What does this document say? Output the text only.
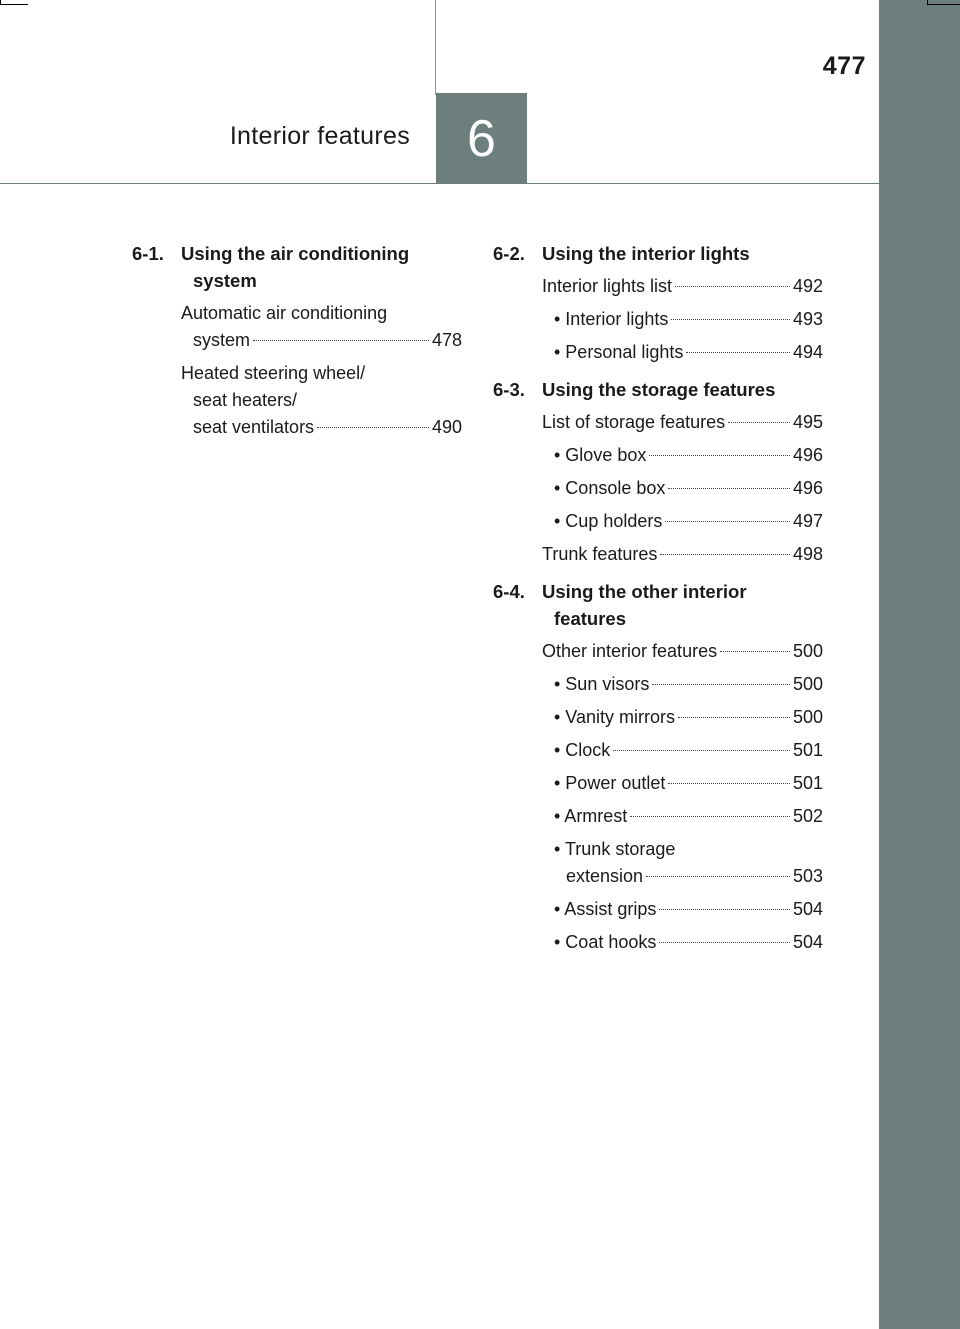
477
Interior features 6
6-1. Using the air conditioning system
Automatic air conditioning
system	478
Heated steering wheel/
seat heaters/
seat ventilators	490
6-2. Using the interior lights
Interior lights list	492
• Interior lights	493
• Personal lights	494
6-3. Using the storage features
List of storage features	495
• Glove box	496
• Console box	496
• Cup holders	497
Trunk features	498
6-4. Using the other interior features
Other interior features	500
• Sun visors	500
• Vanity mirrors	500
• Clock	501
• Power outlet	501
• Armrest	502
• Trunk storage
extension	503
• Assist grips	504
• Coat hooks	504
